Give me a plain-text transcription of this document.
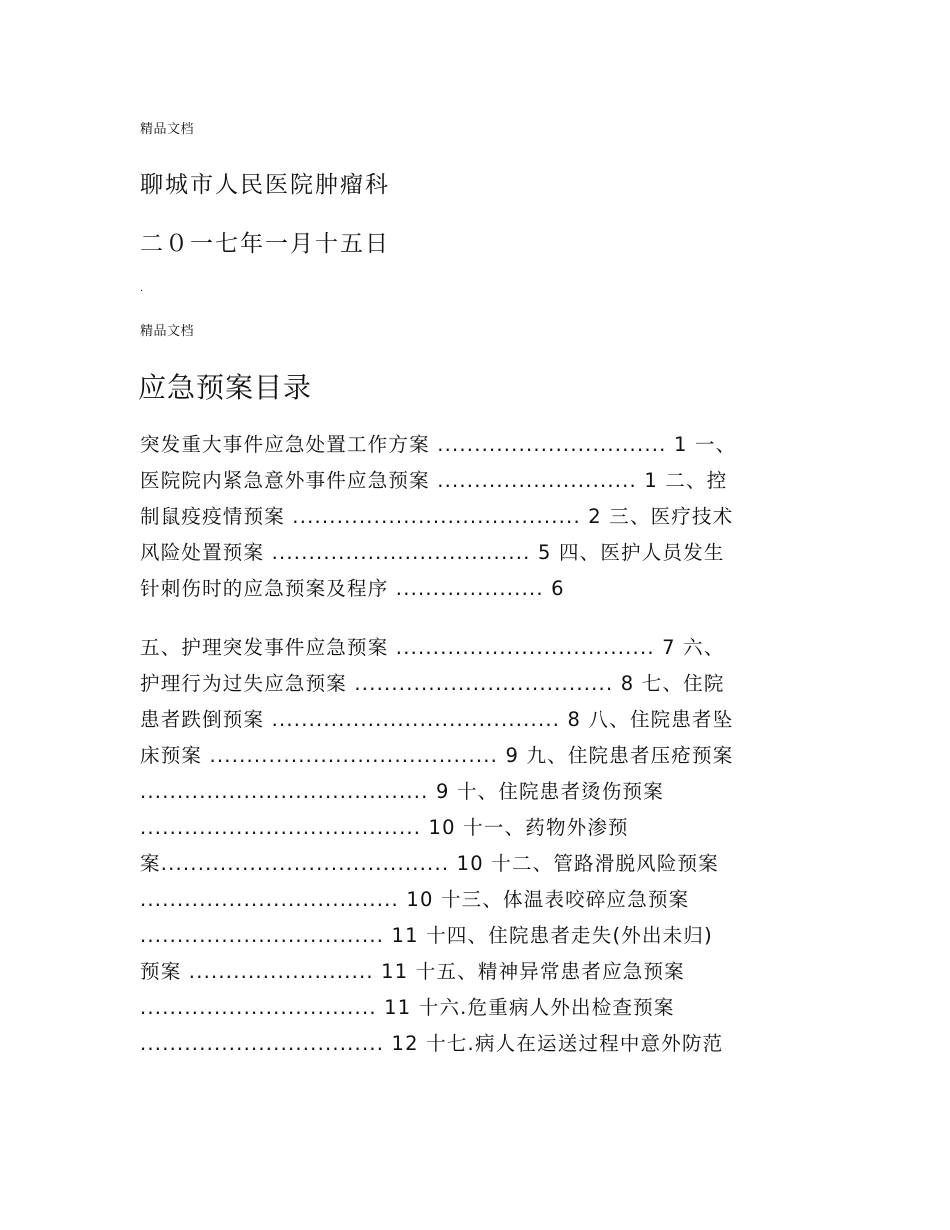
精品文档
聊城市人民医院肿瘤科
二０一七年一月十五日
.
精品文档
应急预案目录
突发重大事件应急处置工作方案 ............................... 1 一、
医院院内紧急意外事件应急预案 ........................... 1 二、控
制鼠疫疫情预案 ....................................... 2 三、医疗技术
风险处置预案 ................................... 5 四、医护人员发生
针刺伤时的应急预案及程序 .................... 6
五、护理突发事件应急预案 ................................... 7 六、
护理行为过失应急预案 ................................... 8 七、住院
患者跌倒预案 ....................................... 8 八、住院患者坠
床预案 ....................................... 9 九、住院患者压疮预案
....................................... 9 十、住院患者烫伤预案
...................................... 10 十一、药物外渗预
案....................................... 10 十二、管路滑脱风险预案
................................... 10 十三、体温表咬碎应急预案
................................. 11 十四、住院患者走失(外出未归)
预案 ......................... 11 十五、精神异常患者应急预案
................................ 11 十六.危重病人外出检查预案
................................. 12 十七.病人在运送过程中意外防范
